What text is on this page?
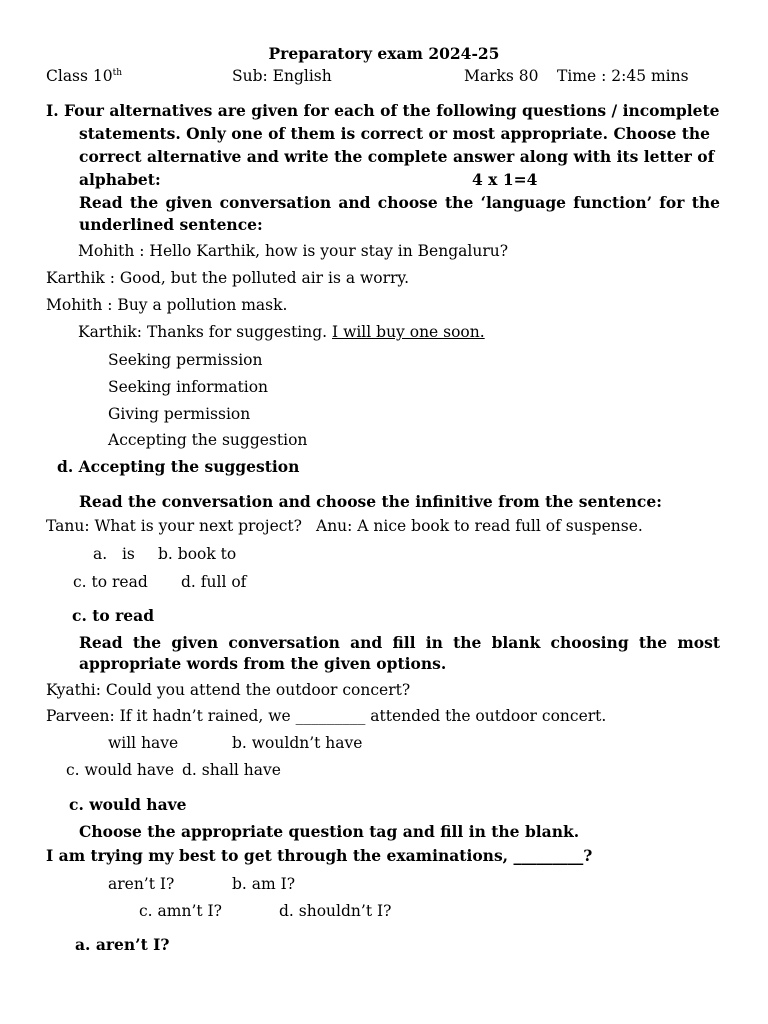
Preparatory exam 2024-25
Class 10th	Sub: English	Marks 80 Time : 2:45 mins
I. Four alternatives are given for each of the following questions / incomplete
statements. Only one of them is correct or most appropriate. Choose the
correct alternative and write the complete answer along with its letter of
alphabet:	4 x 1=4
Read the given conversation and choose the ‘language function’ for the
underlined sentence:
Mohith : Hello Karthik, how is your stay in Bengaluru?
Karthik : Good, but the polluted air is a worry.
Mohith : Buy a pollution mask.
Karthik: Thanks for suggesting. I will buy one soon.
Seeking permission
Seeking information
Giving permission
Accepting the suggestion
d. Accepting the suggestion
Read the conversation and choose the infinitive from the sentence:
Tanu: What is your next project? Anu: A nice book to read full of suspense.
a.   is b. book to
c. to read d. full of
c. to read
Read the given conversation and fill in the blank choosing the most
appropriate words from the given options.
Kyathi: Could you attend the outdoor concert?
Parveen: If it hadn’t rained, we _________ attended the outdoor concert.
will have	b. wouldn’t have
c. would have d. shall have
c. would have
Choose the appropriate question tag and fill in the blank.
I am trying my best to get through the examinations, _________?
aren’t I?	b. am I?
c. amn’t I?	d. shouldn’t I?
a. aren’t I?
